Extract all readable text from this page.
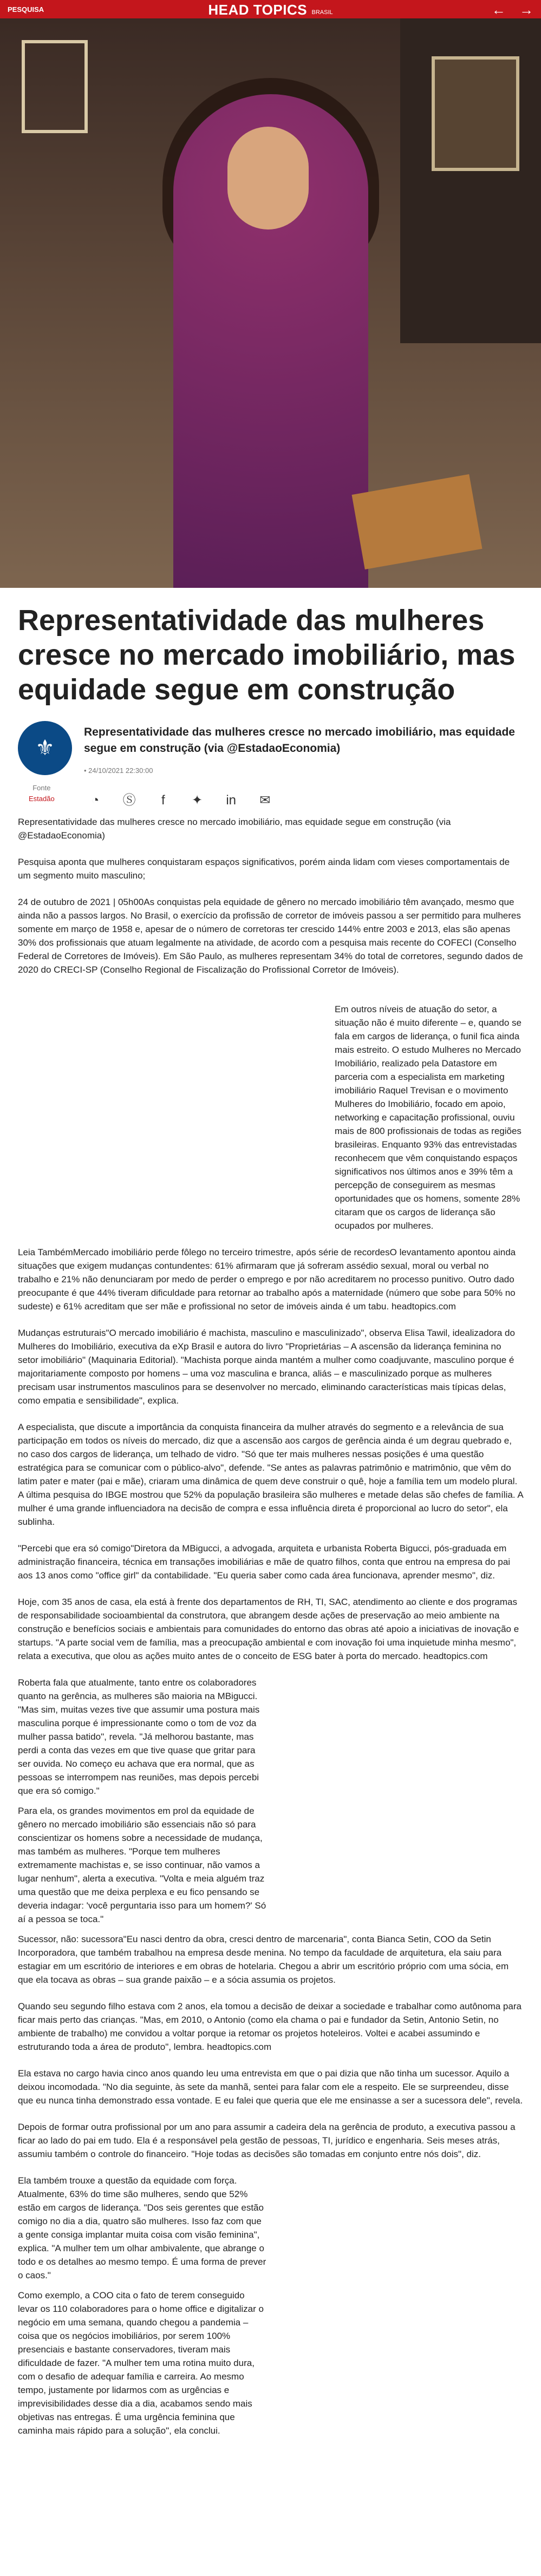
PESQUISA	HEAD TOPICS BRASIL	← →
Representatividade das mulheres cresce no mercado imobiliário, mas equidade segue em construção
⚜
Representatividade das mulheres cresce no mercado imobiliário, mas equidade segue em construção (via @EstadaoEconomia)
• 24/10/2021 22:30:00
Fonte
Estadão	◔ Ⓢ f ✦ in ✉

Representatividade das mulheres cresce no mercado imobiliário, mas equidade segue em construção (via @EstadaoEconomia)

Pesquisa aponta que mulheres conquistaram espaços significativos, porém ainda lidam com vieses comportamentais de um segmento muito masculino;

24 de outubro de 2021 | 05h00As conquistas pela equidade de gênero no mercado imobiliário têm avançado, mesmo que ainda não a passos largos. No Brasil, o exercício da profissão de corretor de imóveis passou a ser permitido para mulheres somente em março de 1958 e, apesar de o número de corretoras ter crescido 144% entre 2003 e 2013, elas são apenas 30% dos profissionais que atuam legalmente na atividade, de acordo com a pesquisa mais recente do COFECI (Conselho Federal de Corretores de Imóveis). Em São Paulo, as mulheres representam 34% do total de corretores, segundo dados de 2020 do CRECI-SP (Conselho Regional de Fiscalização do Profissional Corretor de Imóveis).

Em outros níveis de atuação do setor, a situação não é muito diferente – e, quando se fala em cargos de liderança, o funil fica ainda mais estreito. O estudo Mulheres no Mercado Imobiliário, realizado pela Datastore em parceria com a especialista em marketing imobiliário Raquel Trevisan e o movimento Mulheres do Imobiliário, focado em apoio, networking e capacitação profissional, ouviu mais de 800 profissionais de todas as regiões brasileiras. Enquanto 93% das entrevistadas reconhecem que vêm conquistando espaços significativos nos últimos anos e 39% têm a percepção de conseguirem as mesmas oportunidades que os homens, somente 28% citaram que os cargos de liderança são ocupados por mulheres.

Leia TambémMercado imobiliário perde fôlego no terceiro trimestre, após série de recordesO levantamento apontou ainda situações que exigem mudanças contundentes: 61% afirmaram que já sofreram assédio sexual, moral ou verbal no trabalho e 21% não denunciaram por medo de perder o emprego e por não acreditarem no processo punitivo. Outro dado preocupante é que 44% tiveram dificuldade para retornar ao trabalho após a maternidade (número que sobe para 50% no sudeste) e 61% acreditam que ser mãe e profissional no setor de imóveis ainda é um tabu. headtopics.com

Mudanças estruturais"O mercado imobiliário é machista, masculino e masculinizado", observa Elisa Tawil, idealizadora do Mulheres do Imobiliário, executiva da eXp Brasil e autora do livro "Proprietárias – A ascensão da liderança feminina no setor imobiliário" (Maquinaria Editorial). "Machista porque ainda mantém a mulher como coadjuvante, masculino porque é majoritariamente composto por homens – uma voz masculina e branca, aliás – e masculinizado porque as mulheres precisam usar instrumentos masculinos para se desenvolver no mercado, eliminando características mais típicas delas, como empatia e sensibilidade", explica.

A especialista, que discute a importância da conquista financeira da mulher através do segmento e a relevância de sua participação em todos os níveis do mercado, diz que a ascensão aos cargos de gerência ainda é um degrau quebrado e, no caso dos cargos de liderança, um telhado de vidro. "Só que ter mais mulheres nessas posições é uma questão estratégica para se comunicar com o público-alvo", defende. "Se antes as palavras patrimônio e matrimônio, que vêm do latim pater e mater (pai e mãe), criaram uma dinâmica de quem deve construir o quê, hoje a família tem um modelo plural. A última pesquisa do IBGE mostrou que 52% da população brasileira são mulheres e metade delas são chefes de família. A mulher é uma grande influenciadora na decisão de compra e essa influência direta é proporcional ao lucro do setor", ela sublinha.

"Percebi que era só comigo"Diretora da MBigucci, a advogada, arquiteta e urbanista Roberta Bigucci, pós-graduada em administração financeira, técnica em transações imobiliárias e mãe de quatro filhos, conta que entrou na empresa do pai aos 13 anos como "office girl" da contabilidade. "Eu queria saber como cada área funcionava, aprender mesmo", diz.

Hoje, com 35 anos de casa, ela está à frente dos departamentos de RH, TI, SAC, atendimento ao cliente e dos programas de responsabilidade socioambiental da construtora, que abrangem desde ações de preservação ao meio ambiente na construção e benefícios sociais e ambientais para comunidades do entorno das obras até apoio a iniciativas de inovação e startups. "A parte social vem de família, mas a preocupação ambiental e com inovação foi uma inquietude minha mesmo", relata a executiva, que olou as ações muito antes de o conceito de ESG bater à porta do mercado. headtopics.com

Roberta fala que atualmente, tanto entre os colaboradores quanto na gerência, as mulheres são maioria na MBigucci. "Mas sim, muitas vezes tive que assumir uma postura mais masculina porque é impressionante como o tom de voz da mulher passa batido", revela. "Já melhorou bastante, mas perdi a conta das vezes em que tive quase que gritar para ser ouvida. No começo eu achava que era normal, que as pessoas se interrompem nas reuniões, mas depois percebi que era só comigo."

Para ela, os grandes movimentos em prol da equidade de gênero no mercado imobiliário são essenciais não só para conscientizar os homens sobre a necessidade de mudança, mas também as mulheres. "Porque tem mulheres extremamente machistas e, se isso continuar, não vamos a lugar nenhum", alerta a executiva. "Volta e meia alguém traz uma questão que me deixa perplexa e eu fico pensando se deveria indagar: 'você perguntaria isso para um homem?' Só aí a pessoa se toca."

Sucessor, não: sucessora"Eu nasci dentro da obra, cresci dentro de marcenaria", conta Bianca Setin, COO da Setin Incorporadora, que também trabalhou na empresa desde menina. No tempo da faculdade de arquitetura, ela saiu para estagiar em um escritório de interiores e em obras de hotelaria. Chegou a abrir um escritório próprio com uma sócia, em que ela tocava as obras – sua grande paixão – e a sócia assumia os projetos.

Quando seu segundo filho estava com 2 anos, ela tomou a decisão de deixar a sociedade e trabalhar como autônoma para ficar mais perto das crianças. "Mas, em 2010, o Antonio (como ela chama o pai e fundador da Setin, Antonio Setin, no ambiente de trabalho) me convidou a voltar porque ia retomar os projetos hoteleiros. Voltei e acabei assumindo e estruturando toda a área de produto", lembra. headtopics.com

Ela estava no cargo havia cinco anos quando leu uma entrevista em que o pai dizia que não tinha um sucessor. Aquilo a deixou incomodada. "No dia seguinte, às sete da manhã, sentei para falar com ele a respeito. Ele se surpreendeu, disse que eu nunca tinha demonstrado essa vontade. E eu falei que queria que ele me ensinasse a ser a sucessora dele", revela.

Depois de formar outra profissional por um ano para assumir a cadeira dela na gerência de produto, a executiva passou a ficar ao lado do pai em tudo. Ela é a responsável pela gestão de pessoas, TI, jurídico e engenharia. Seis meses atrás, assumiu também o controle do financeiro. "Hoje todas as decisões são tomadas em conjunto entre nós dois", diz.

Ela também trouxe a questão da equidade com força. Atualmente, 63% do time são mulheres, sendo que 52% estão em cargos de liderança. "Dos seis gerentes que estão comigo no dia a dia, quatro são mulheres. Isso faz com que a gente consiga implantar muita coisa com visão feminina", explica. "A mulher tem um olhar ambivalente, que abrange o todo e os detalhes ao mesmo tempo. É uma forma de prever o caos."

Como exemplo, a COO cita o fato de terem conseguido levar os 110 colaboradores para o home office e digitalizar o negócio em uma semana, quando chegou a pandemia – coisa que os negócios imobiliários, por serem 100% presenciais e bastante conservadores, tiveram mais dificuldade de fazer. "A mulher tem uma rotina muito dura, com o desafio de adequar família e carreira. Ao mesmo tempo, justamente por lidarmos com as urgências e imprevisibilidades desse dia a dia, acabamos sendo mais objetivas nas entregas. É uma urgência feminina que caminha mais rápido para a solução", ela conclui.
